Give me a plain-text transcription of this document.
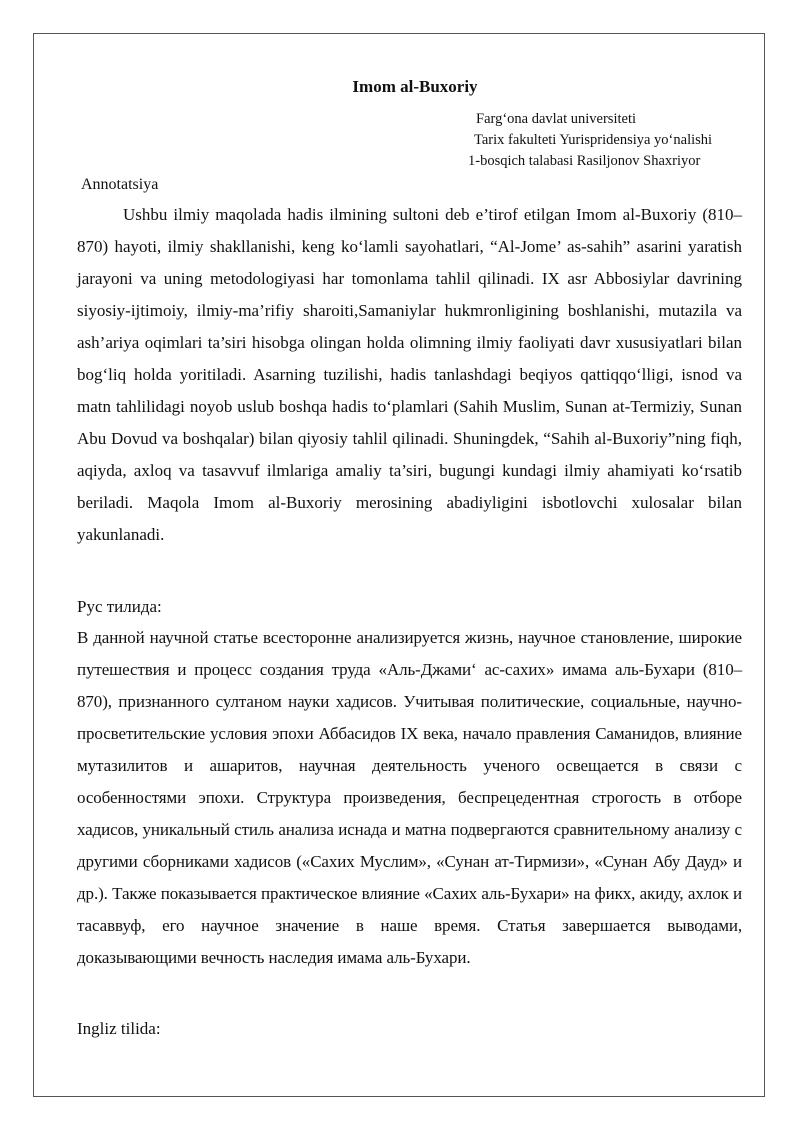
Imom al-Buxoriy
Farg‘ona davlat universiteti
Tarix fakulteti Yurispridensiya yo‘nalishi
1-bosqich talabasi Rasiljonov Shaxriyor
Annotatsiya

Ushbu ilmiy maqolada hadis ilmining sultoni deb e’tirof etilgan Imom al-Buxoriy (810–870) hayoti, ilmiy shakllanishi, keng ko‘lamli sayohatlari, “Al-Jome’ as-sahih” asarini yaratish jarayoni va uning metodologiyasi har tomonlama tahlil qilinadi. IX asr Abbosiylar davrining siyosiy-ijtimoiy, ilmiy-ma’rifiy sharoiti,Samaniylar hukmronligining boshlanishi, mutazila va ash’ariya oqimlari ta’siri hisobga olingan holda olimning ilmiy faoliyati davr xususiyatlari bilan bog‘liq holda yoritiladi. Asarning tuzilishi, hadis tanlashdagi beqiyos qattiqqo‘lligi, isnod va matn tahlilidagi noyob uslub boshqa hadis to‘plamlari (Sahih Muslim, Sunan at-Termiziy, Sunan Abu Dovud va boshqalar) bilan qiyosiy tahlil qilinadi. Shuningdek, “Sahih al-Buxoriy”ning fiqh, aqiyda, axloq va tasavvuf ilmlariga amaliy ta’siri, bugungi kundagi ilmiy ahamiyati ko‘rsatib beriladi. Maqola Imom al-Buxoriy merosining abadiyligini isbotlovchi xulosalar bilan yakunlanadi.

Рус тилида:

В данной научной статье всесторонне анализируется жизнь, научное становление, широкие путешествия и процесс создания труда «Аль-Джами‘ ас-сахих» имама аль-Бухари (810–870), признанного султаном науки хадисов. Учитывая политические, социальные, научно-просветительские условия эпохи Аббасидов IX века, начало правления Саманидов, влияние мутазилитов и ашаритов, научная деятельность ученого освещается в связи с особенностями эпохи. Структура произведения, беспрецедентная строгость в отборе хадисов, уникальный стиль анализа иснада и матна подвергаются сравнительному анализу с другими сборниками хадисов («Сахих Муслим», «Сунан ат-Тирмизи», «Сунан Абу Дауд» и др.). Также показывается практическое влияние «Сахих аль-Бухари» на фикх, акиду, ахлок и тасаввуф, его научное значение в наше время. Статья завершается выводами, доказывающими вечность наследия имама аль-Бухари.

Ingliz tilida:
